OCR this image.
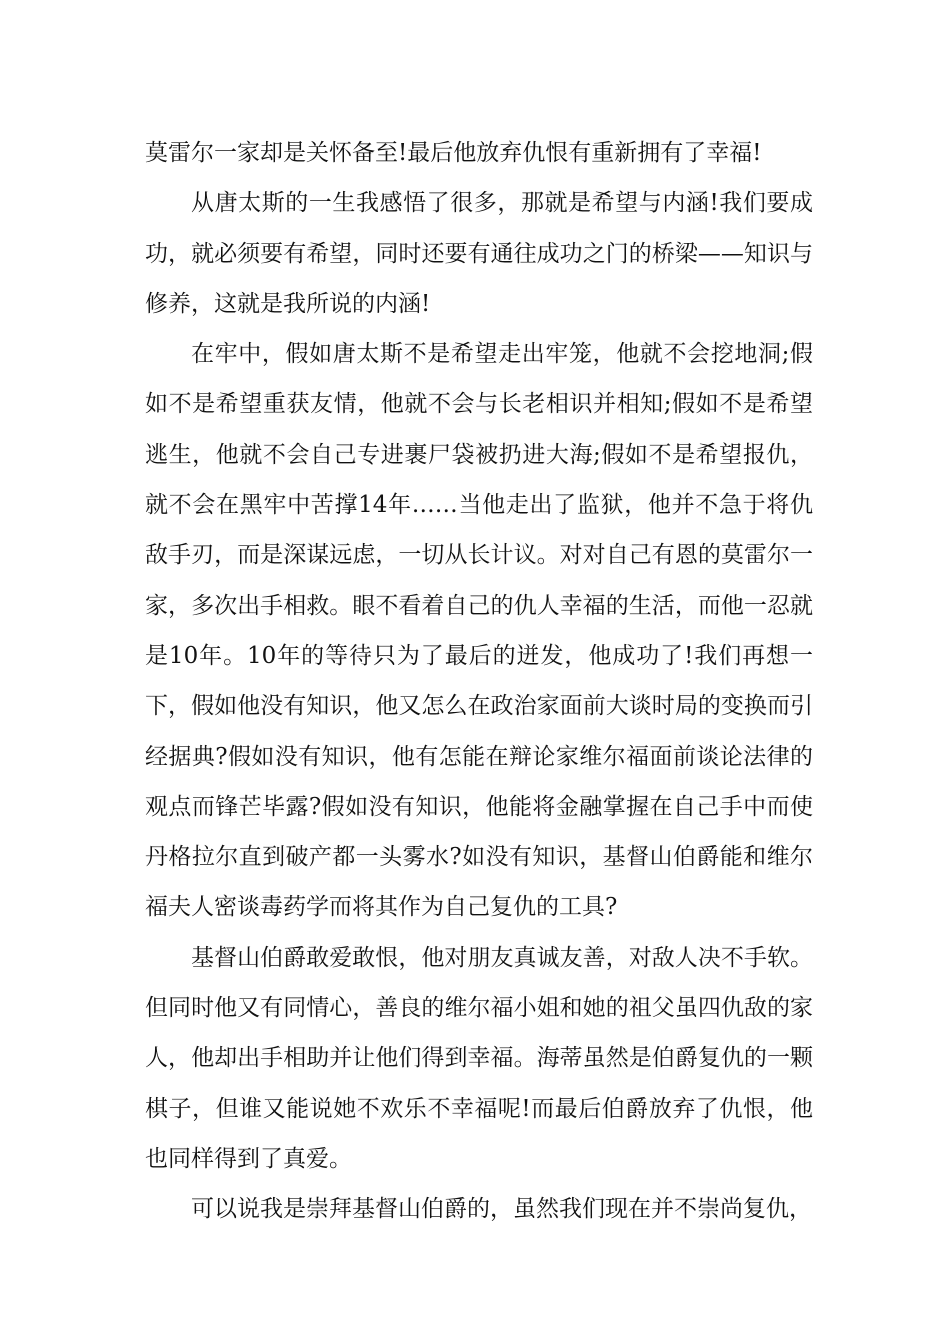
莫雷尔一家却是关怀备至!最后他放弃仇恨有重新拥有了幸福!

从唐太斯的一生我感悟了很多，那就是希望与内涵!我们要成功，就必须要有希望，同时还要有通往成功之门的桥梁——知识与修养，这就是我所说的内涵!

在牢中，假如唐太斯不是希望走出牢笼，他就不会挖地洞;假如不是希望重获友情，他就不会与长老相识并相知;假如不是希望逃生，他就不会自己专进裹尸袋被扔进大海;假如不是希望报仇，就不会在黑牢中苦撑14年……当他走出了监狱，他并不急于将仇敌手刃，而是深谋远虑，一切从长计议。对对自己有恩的莫雷尔一家，多次出手相救。眼不看着自己的仇人幸福的生活，而他一忍就是10年。10年的等待只为了最后的迸发，他成功了!我们再想一下，假如他没有知识，他又怎么在政治家面前大谈时局的变换而引经据典?假如没有知识，他有怎能在辩论家维尔福面前谈论法律的观点而锋芒毕露?假如没有知识，他能将金融掌握在自己手中而使丹格拉尔直到破产都一头雾水?如没有知识，基督山伯爵能和维尔福夫人密谈毒药学而将其作为自己复仇的工具?

基督山伯爵敢爱敢恨，他对朋友真诚友善，对敌人决不手软。但同时他又有同情心，善良的维尔福小姐和她的祖父虽四仇敌的家人，他却出手相助并让他们得到幸福。海蒂虽然是伯爵复仇的一颗棋子，但谁又能说她不欢乐不幸福呢!而最后伯爵放弃了仇恨，他也同样得到了真爱。

可以说我是崇拜基督山伯爵的，虽然我们现在并不崇尚复仇，
